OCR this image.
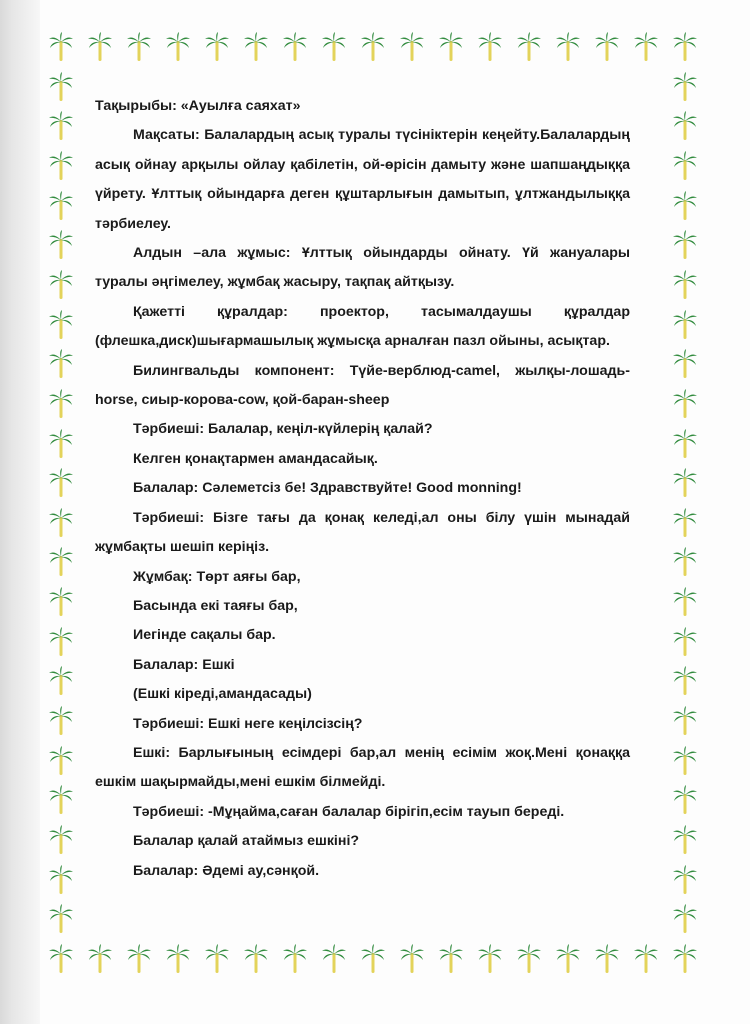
Тақырыбы: «Ауылға саяхат»

Мақсаты: Балалардың асық туралы түсініктерін кеңейту.Балалардың асық ойнау арқылы ойлау қабілетін, ой-өрісін дамыту және шапшаңдыққа үйрету. Ұлттық ойындарға деген құштарлығын дамытып, ұлтжандылыққа тәрбиелеу.

Алдын –ала жұмыс: Ұлттық ойындарды ойнату. Үй жануалары туралы әңгімелеу, жұмбақ жасыру, тақпақ айтқызу.

Қажетті құралдар: проектор, тасымалдаушы құралдар (флешка,диск)шығармашылық жұмысқа арналған пазл ойыны, асықтар.

Билингвальды компонент: Түйе-верблюд-camel, жылқы-лошадь-horse, сиыр-корова-cow, қой-баран-sheep

Тәрбиеші: Балалар, кеңіл-күйлерің қалай?

Келген қонақтармен амандасайық.

Балалар: Сәлеметсіз бе! Здравствуйте! Good monning!

Тәрбиеші: Бізге тағы да қонақ келеді,ал оны білу үшін мынадай жұмбақты шешіп керіңіз.

Жұмбақ: Төрт аяғы бар,

Басында екі таяғы бар,

Иегінде сақалы бар.

Балалар: Ешкі

(Ешкі кіреді,амандасады)

Тәрбиеші: Ешкі неге кеңілсізсің?

Ешкі: Барлығының есімдері бар,ал менің есімім жоқ.Мені қонаққа ешкім шақырмайды,мені ешкім білмейді.

Тәрбиеші: -Мұңайма,саған балалар бірігіп,есім тауып береді.

Балалар қалай атаймыз ешкіні?

Балалар: Әдемі ау,сәнқой.
